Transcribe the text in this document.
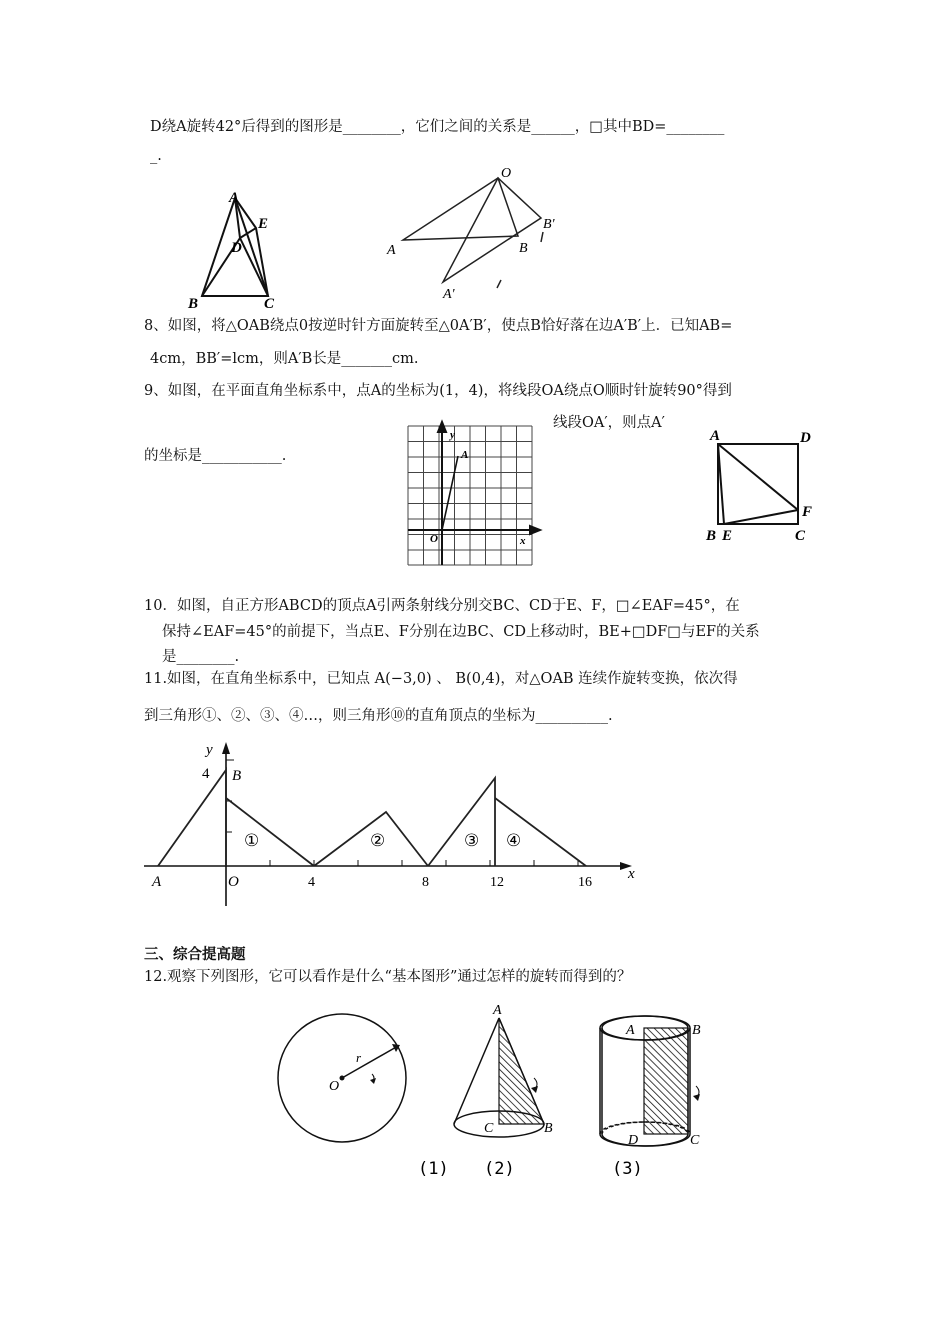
D绕A旋转42°后得到的图形是________，它们之间的关系是______，□其中BD=________
_.
A
E
D
B	C
O
A	B
B'
A'
8、如图，将△OAB绕点0按逆时针方面旋转至△0A′B′，使点B恰好落在边A′B′上．已知AB=
4cm，BB′=lcm，则A′B长是_______cm.
9、如图，在平面直角坐标系中，点A的坐标为(1，4)，将线段OA绕点O顺时针旋转90°得到
线段OA′，则点A′
的坐标是___________.
y
x
A
O
A	D
F
B E	C
10．如图，自正方形ABCD的顶点A引两条射线分别交BC、CD于E、F，□∠EAF=45°，在
保持∠EAF=45°的前提下，当点E、F分别在边BC、CD上移动时，BE+□DF□与EF的关系
是________.
11.如图，在直角坐标系中，已知点 A(−3,0) 、 B(0,4)，对△OAB 连续作旋转变换，依次得
到三角形①、②、③、④…，则三角形⑩的直角顶点的坐标为__________.
4 B
y
x
A	O	4	8	12	16
①	②	③ ④
三、综合提高题
12.观察下列图形，它可以看作是什么“基本图形”通过怎样的旋转而得到的？
r
O
A
C	B
(1) (2)
A	B
D	C
(3)
